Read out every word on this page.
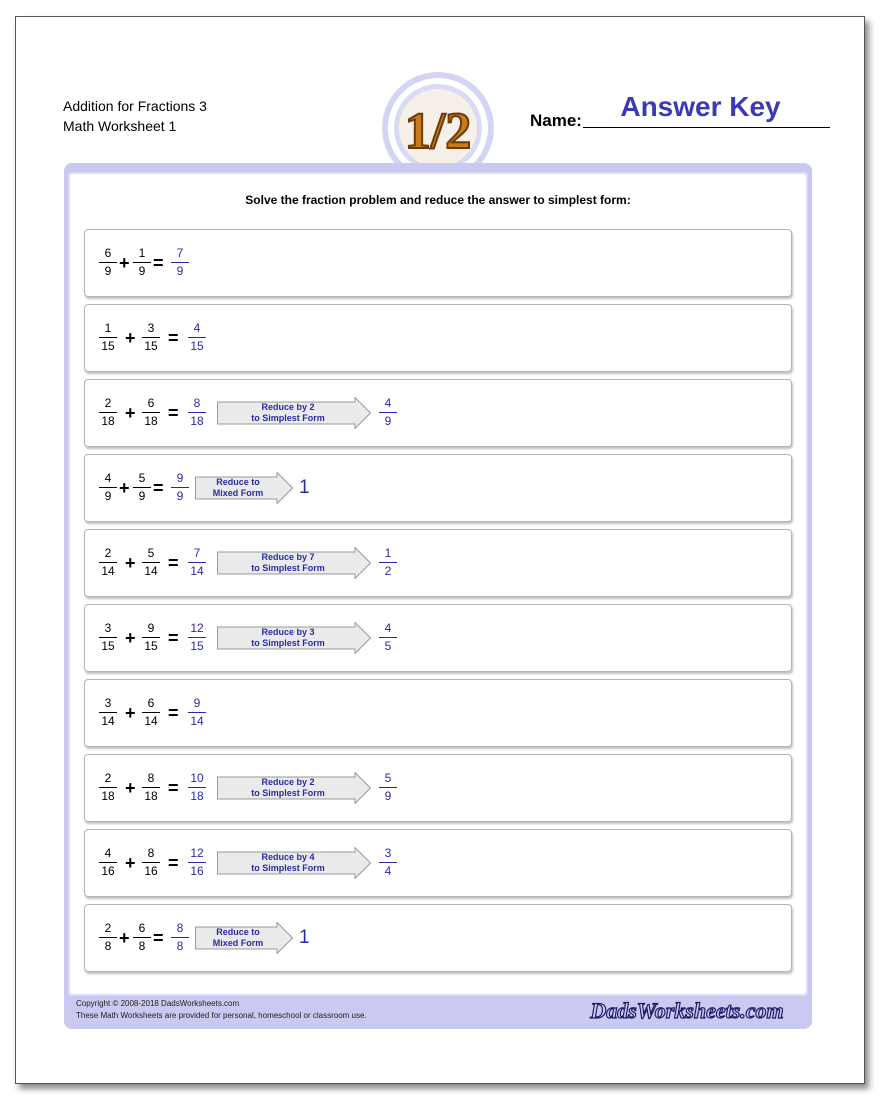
Addition for Fractions 3
Math Worksheet 1	1/2	Answer Key
Name:
Solve the fraction problem and reduce the answer to simplest form:
6
9 + 1
9 =	7
9
1
15 +	3
15 =	4
15
2
18 +	6
18 =	8
18
Reduce by 2
to Simplest Form
4
9
4
9 + 5
9 =	9
9
Reduce to
Mixed Form	1
2
14 +	5
14 =	7
14
Reduce by 7
to Simplest Form
1
2
3
15 +	9
15 = 12
15
Reduce by 3
to Simplest Form
4
5
3
14 +	6
14 =	9
14
2
18 +	8
18 = 10
18
Reduce by 2
to Simplest Form
5
9
4
16 +	8
16 = 12
16
Reduce by 4
to Simplest Form
3
4
2
8 + 6
8 =	8
8
Reduce to
Mixed Form	1
Copyright © 2008-2018 DadsWorksheets.com
These Math Worksheets are provided for personal, homeschool or classroom use.	DadsWorksheets.com
